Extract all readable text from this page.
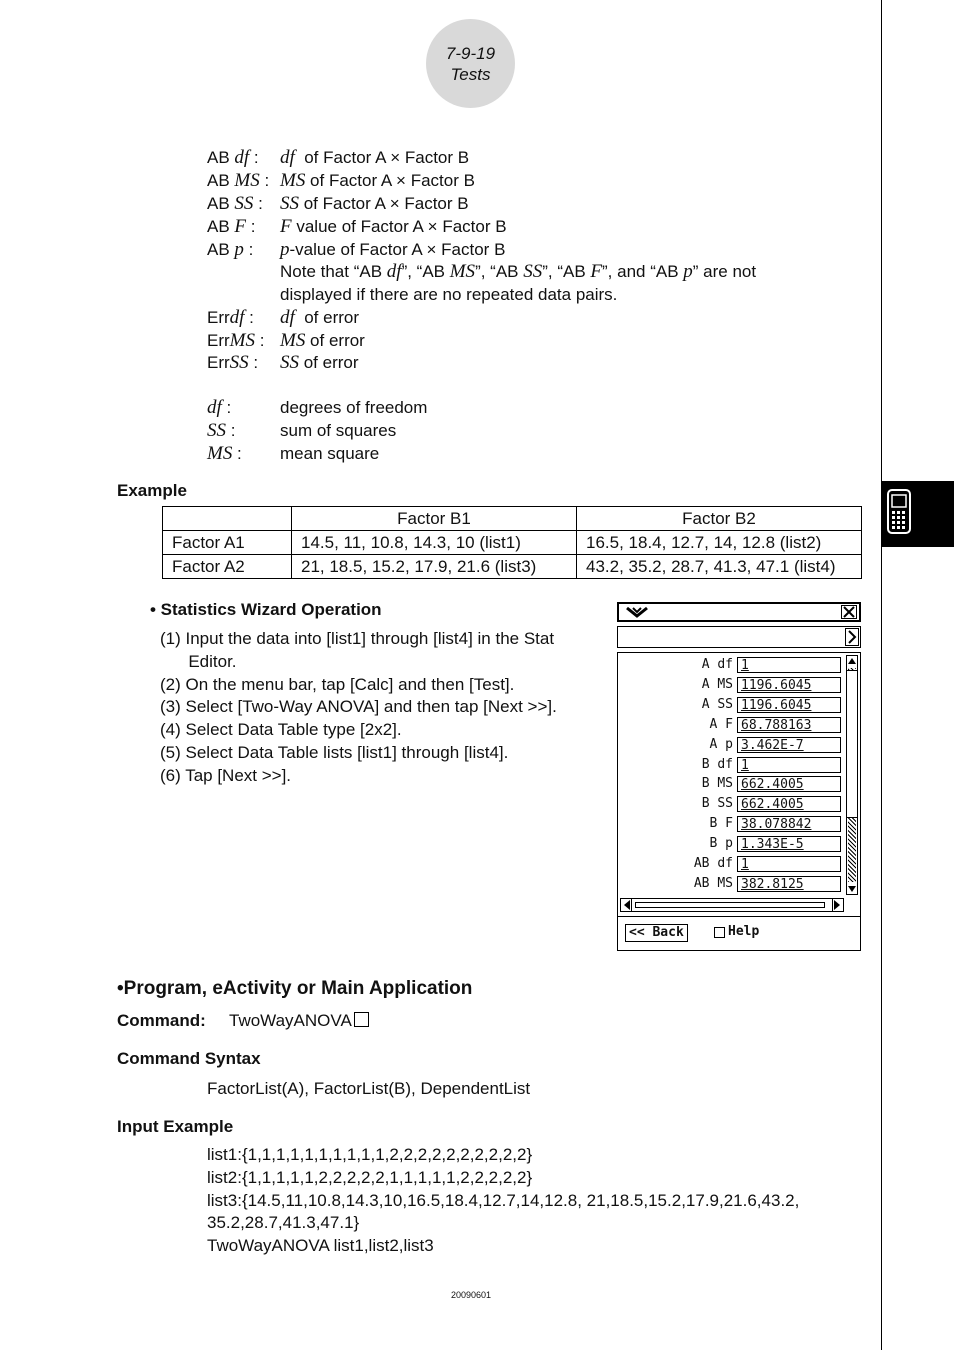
7-9-19
Tests
AB df : df  of Factor A × Factor B
AB MS : MS of Factor A × Factor B
AB SS : SS of Factor A × Factor B
AB F : F value of Factor A × Factor B
AB p : p-value of Factor A × Factor B
Note that “AB df”, “AB MS”, “AB SS”, “AB F”, and “AB p” are not
displayed if there are no repeated data pairs.
Errdf : df  of error
ErrMS : MS of error
ErrSS : SS of error
df :	degrees of freedom
SS :	sum of squares
MS : mean square
Example
	Factor B1	Factor B2
Factor A1	14.5, 11, 10.8, 14.3, 10 (list1)	16.5, 18.4, 12.7, 14, 12.8 (list2)
Factor A2	21, 18.5, 15.2, 17.9, 21.6 (list3)	43.2, 35.2, 28.7, 41.3, 47.1 (list4)
• Statistics Wizard Operation
(1) Input the data into [list1] through [list4] in the Stat
Editor.
(2) On the menu bar, tap [Calc] and then [Test].
(3) Select [Two-Way ANOVA] and then tap [Next >>].
(4) Select Data Table type [2x2].
(5) Select Data Table lists [list1] through [list4].
(6) Tap [Next >>].
A df 1
A MS 1196.6045
A SS 1196.6045
A F 68.788163
A p 3.462E-7
B df 1
B MS 662.4005
B SS 662.4005
B F 38.078842
B p 1.343E-5
AB df 1
AB MS 382.8125
<< Back	Help
•Program, eActivity or Main Application
Command: TwoWayANOVA
Command Syntax
FactorList(A), FactorList(B), DependentList
Input Example
list1:{1,1,1,1,1,1,1,1,1,1,2,2,2,2,2,2,2,2,2,2}
list2:{1,1,1,1,1,2,2,2,2,2,1,1,1,1,1,2,2,2,2,2}
list3:{14.5,11,10.8,14.3,10,16.5,18.4,12.7,14,12.8, 21,18.5,15.2,17.9,21.6,43.2,
35.2,28.7,41.3,47.1}
TwoWayANOVA list1,list2,list3
20090601
